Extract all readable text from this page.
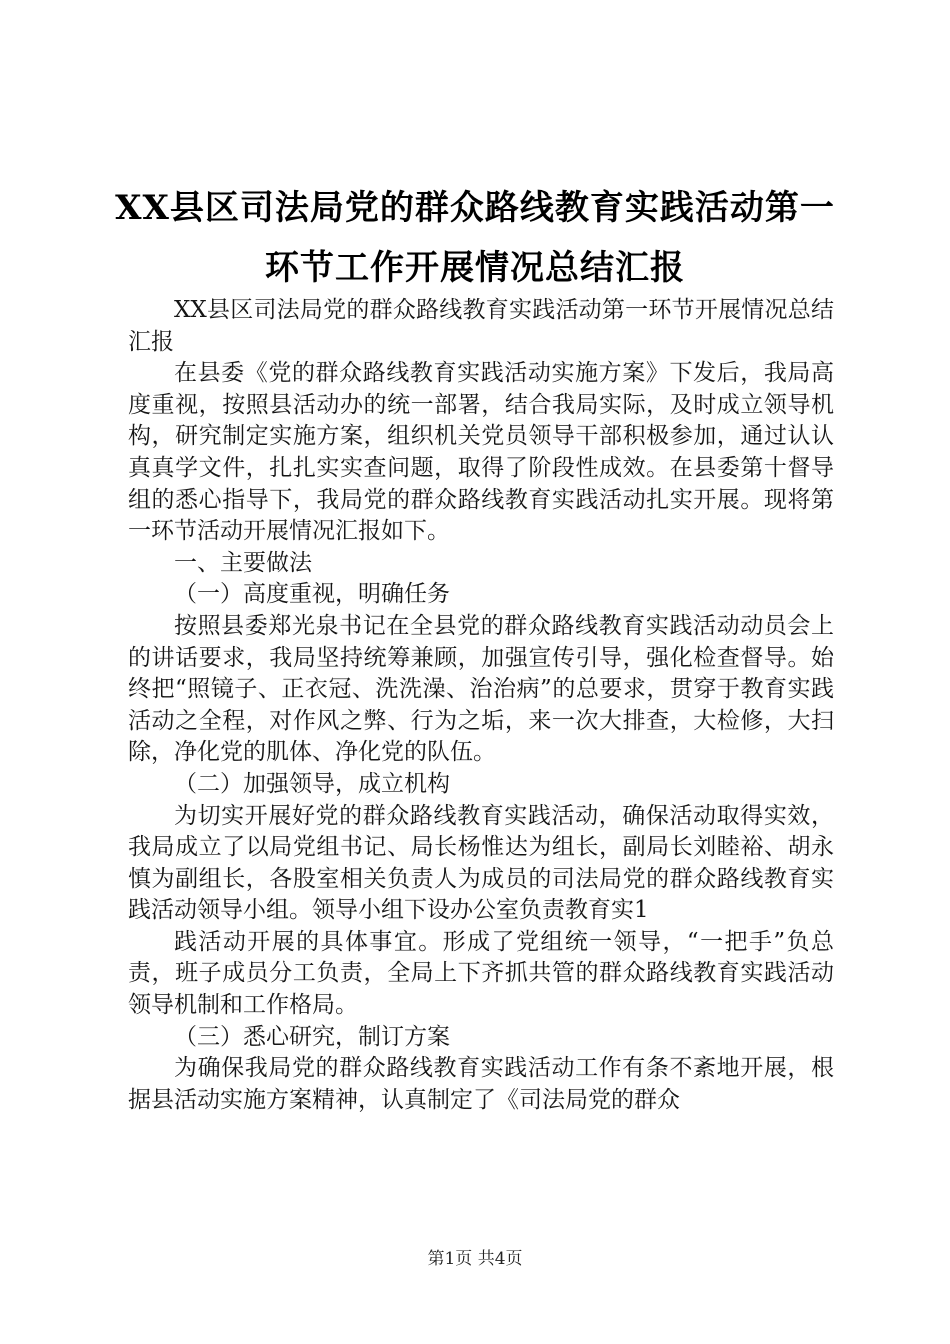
XX县区司法局党的群众路线教育实践活动第一环节工作开展情况总结汇报

XX县区司法局党的群众路线教育实践活动第一环节开展情况总结汇报

在县委《党的群众路线教育实践活动实施方案》下发后，我局高度重视，按照县活动办的统一部署，结合我局实际，及时成立领导机构，研究制定实施方案，组织机关党员领导干部积极参加，通过认认真真学文件，扎扎实实查问题，取得了阶段性成效。在县委第十督导组的悉心指导下，我局党的群众路线教育实践活动扎实开展。现将第一环节活动开展情况汇报如下。

一、主要做法

（一）高度重视，明确任务

按照县委郑光泉书记在全县党的群众路线教育实践活动动员会上的讲话要求，我局坚持统筹兼顾，加强宣传引导，强化检查督导。始终把“照镜子、正衣冠、洗洗澡、治治病”的总要求，贯穿于教育实践活动之全程，对作风之弊、行为之垢，来一次大排查，大检修，大扫除，净化党的肌体、净化党的队伍。

（二）加强领导，成立机构

为切实开展好党的群众路线教育实践活动，确保活动取得实效，我局成立了以局党组书记、局长杨惟达为组长，副局长刘睦裕、胡永慎为副组长，各股室相关负责人为成员的司法局党的群众路线教育实践活动领导小组。领导小组下设办公室负责教育实1

践活动开展的具体事宜。形成了党组统一领导，“一把手”负总责，班子成员分工负责，全局上下齐抓共管的群众路线教育实践活动领导机制和工作格局。

（三）悉心研究，制订方案

为确保我局党的群众路线教育实践活动工作有条不紊地开展，根据县活动实施方案精神，认真制定了《司法局党的群众

第1页 共4页
